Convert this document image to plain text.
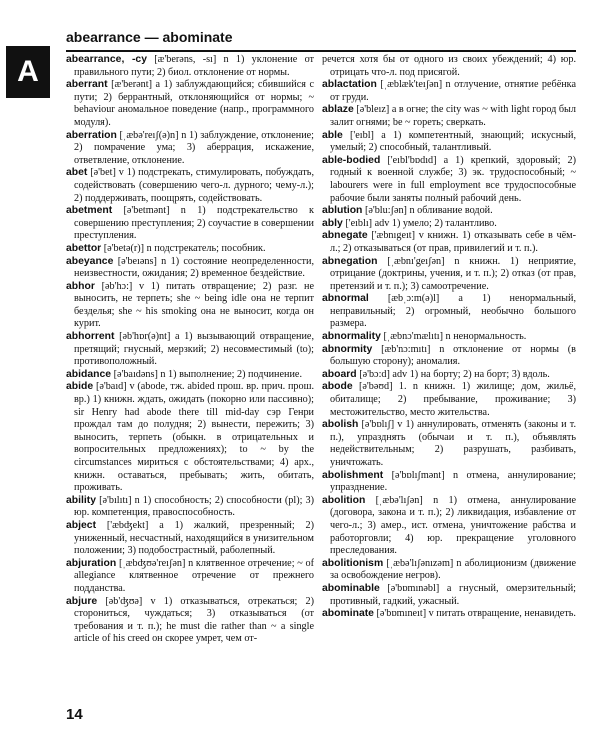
A
abearrance — abominate

abearrance, -cy [æ'berəns, -sı] n 1) уклонение от правильного пути; 2) биол. отклонение от нормы.

aberrant [æ'berənt] a 1) заблуждающийся; сбившийся с пути; 2) беррантный, отклоняющийся от нормы; ~ behaviour аномальное поведение (напр., программного модуля).

aberration [ˌæbə'reıʃ(ə)n] n 1) заблуждение, отклонение; 2) помрачение ума; 3) аберрация, искажение, ответвление, отклонение.

abet [ə'bet] v 1) подстрекать, стимулировать, побуждать, содействовать (совершению чего-л. дурного; чему-л.); 2) поддерживать, поощрять, содействовать.

abetment [ə'betmənt] n 1) подстрекательство к совершению преступления; 2) соучастие в совершении преступления.

abettor [ə'betə(r)] n подстрекатель; пособник.

abeyance [ə'beıəns] n 1) состояние неопределенности, неизвестности, ожидания; 2) временное бездействие.

abhor [əb'hɔ:] v 1) питать отвращение; 2) разг. не выносить, не терпеть; she ~ being idle она не терпит безделья; she ~ his smoking она не выносит, когда он курит.

abhorrent [əb'hɒr(ə)nt] a 1) вызывающий отвращение, претящий; гнусный, мерзкий; 2) несовместимый (to); противоположный.

abidance [ə'baıdəns] n 1) выполнение; 2) подчинение.

abide [ə'baıd] v (abode, тж. abided прош. вр. прич. прош. вр.) 1) книжн. ждать, ожидать (покорно или пассивно); sir Henry had abode there till mid-day сэр Генри прождал там до полудня; 2) вынести, пережить; 3) выносить, терпеть (обыкн. в отрицательных и вопросительных предложениях); to ~ by the circumstances мириться с обстоятельствами; 4) арх., книжн. оставаться, пребывать; жить, обитать, проживать.

ability [ə'bılıtı] n 1) способность; 2) способности (pl); 3) юр. компетенция, правоспособность.

abject ['æbʤekt] a 1) жалкий, презренный; 2) униженный, несчастный, находящийся в унизительном положении; 3) подобострастный, раболепный.

abjuration [ˌæbʤʊə'reıʃən] n клятвенное отречение; ~ of allegiance клятвенное отречение от прежнего подданства.

abjure [əb'ʤʊə] v 1) отказываться, отрекаться; 2) сторониться, чуждаться; 3) отказываться (от требования и т. п.); he must die rather than ~ a single article of his creed он скорее умрет, чем от-

речется хотя бы от одного из своих убеждений; 4) юр. отрицать что-л. под присягой.

ablactation [ˌæblæk'teıʃən] n отлучение, отнятие ребёнка от груди.

ablaze [ə'bleız] a в огне; the city was ~ with light город был залит огнями; be ~ гореть; сверкать.

able ['eıbl] a 1) компетентный, знающий; искусный, умелый; 2) способный, талантливый.

able-bodied ['eıbl'bɒdıd] a 1) крепкий, здоровый; 2) годный к военной службе; 3) эк. трудоспособный; ~ labourers were in full employment все трудоспособные рабочие были заняты полный рабочий день.

ablution [ə'blu:ʃən] n обливание водой.

ably ['eıblı] adv 1) умело; 2) талантливо.

abnegate ['æbnıgeıt] v книжн. 1) отказывать себе в чём-л.; 2) отказываться (от прав, привилегий и т. п.).

abnegation [ˌæbnı'geıʃən] n книжн. 1) неприятие, отрицание (доктрины, учения, и т. п.); 2) отказ (от прав, претензий и т. п.); 3) самоотречение.

abnormal [æbˌɔ:m(ə)l] a 1) ненормальный, неправильный; 2) огромный, необычно большого размера.

abnormality [ˌæbnɔ'mælıtı] n ненормальность.

abnormity [æb'nɔ:mıtı] n отклонение от нормы (в большую сторону); аномалия.

aboard [ə'bɔ:d] adv 1) на борту; 2) на борт; 3) вдоль.

abode [ə'bəʊd] 1. n книжн. 1) жилище; дом, жильё, обиталище; 2) пребывание, проживание; 3) местожительство, место жительства.

abolish [ə'bɒlıʃ] v 1) аннулировать, отменять (законы и т. п.), упразднять (обычаи и т. п.), объявлять недействительным; 2) разрушать, разбивать, уничтожать.

abolishment [ə'bɒlıʃmənt] n отмена, аннулирование; упразднение.

abolition [ˌæbə'lıʃən] n 1) отмена, аннулирование (договора, закона и т. п.); 2) ликвидация, избавление от чего-л.; 3) амер., ист. отмена, уничтожение рабства и работорговли; 4) юр. прекращение уголовного преследования.

abolitionism [ˌæbə'lıʃənızəm] n аболиционизм (движение за освобождение негров).

abominable [ə'bɒmınəbl] a гнусный, омерзительный; противный, гадкий, ужасный.

abominate [ə'bɒmıneıt] v питать отвращение, ненавидеть.

14
